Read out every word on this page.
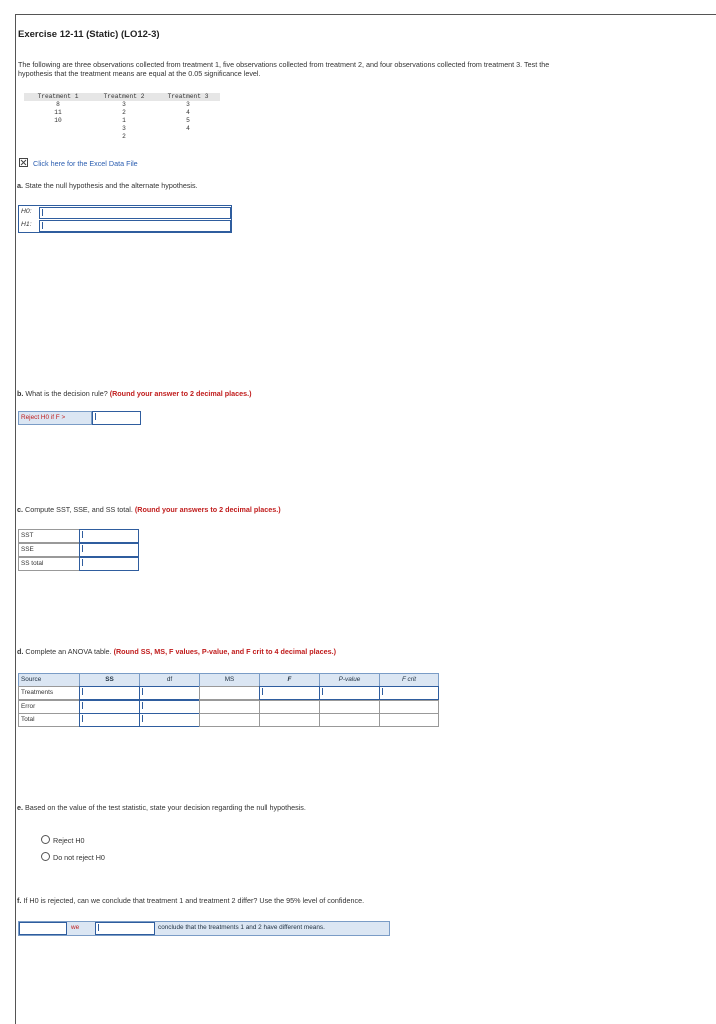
Exercise 12-11 (Static) (LO12-3)
The following are three observations collected from treatment 1, five observations collected from treatment 2, and four observations collected from treatment 3. Test the hypothesis that the treatment means are equal at the 0.05 significance level.
Treatment 1	Treatment 2	Treatment 3
8	3	3
11	2	4
10	1	5
	3	4
	2	
Click here for the Excel Data File
a. State the null hypothesis and the alternate hypothesis.
H0:
H1:
b. What is the decision rule? (Round your answer to 2 decimal places.)
Reject H0 if F >
c. Compute SST, SSE, and SS total. (Round your answers to 2 decimal places.)
SST
SSE
SS total
d. Complete an ANOVA table. (Round SS, MS, F values, P-value, and F crit to 4 decimal places.)
Source	SS	df	MS	F	P-value	F crit
Treatments
Error
Total
e. Based on the value of the test statistic, state your decision regarding the null hypothesis.
Reject H0
Do not reject H0
f. If H0 is rejected, can we conclude that treatment 1 and treatment 2 differ? Use the 95% level of confidence.
we	conclude that the treatments 1 and 2 have different means.
